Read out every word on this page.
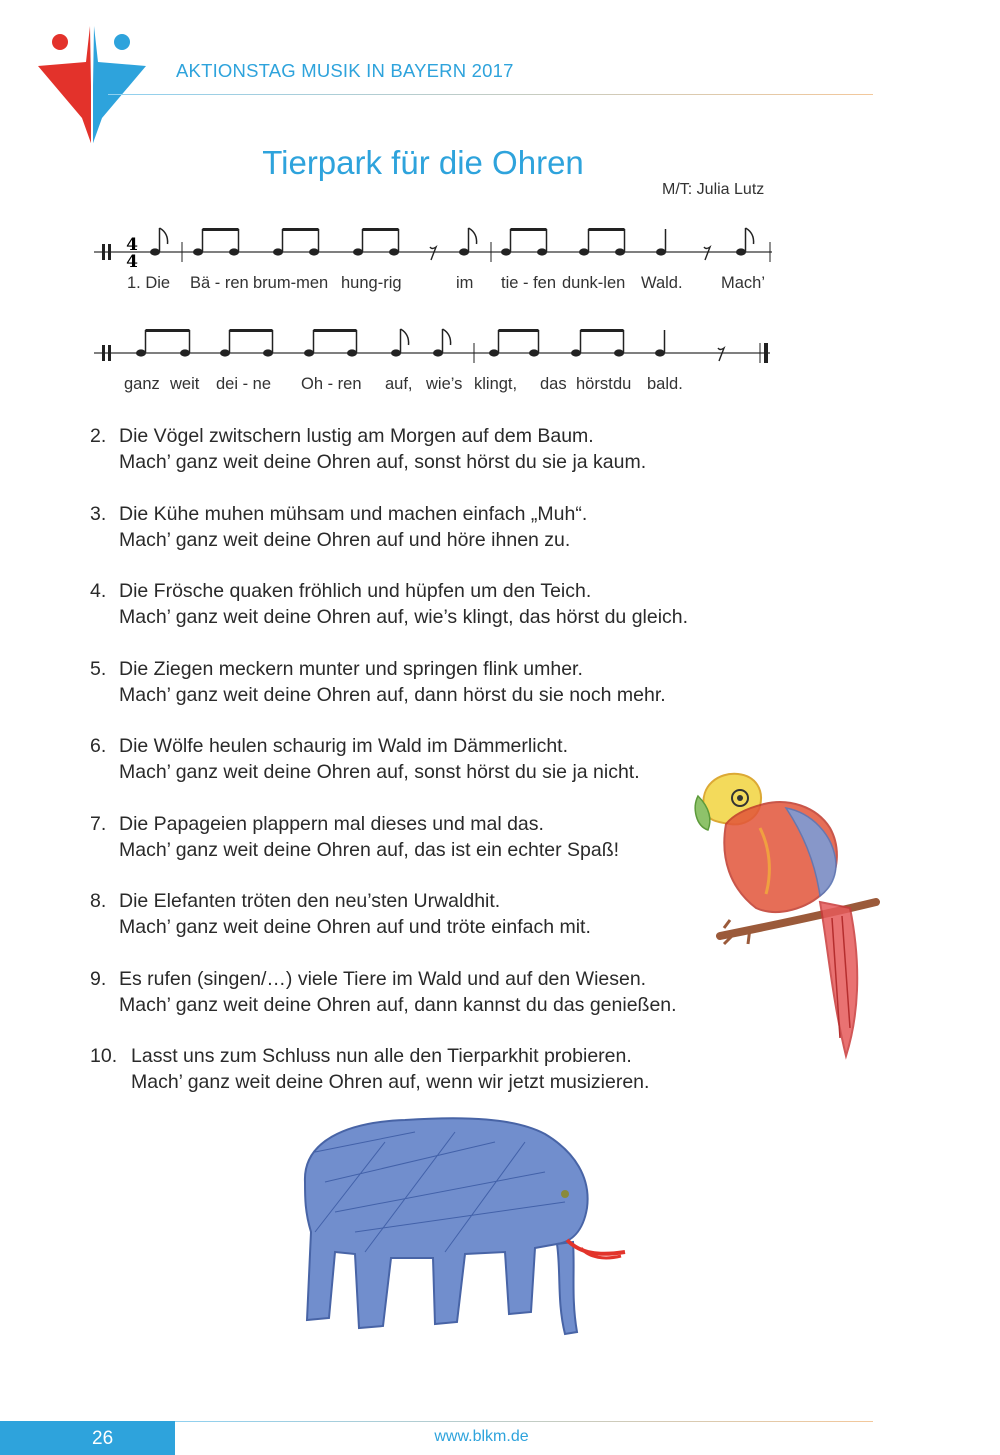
AKTIONSTAG MUSIK IN BAYERN 2017
Tierpark für die Ohren
M/T: Julia Lutz
4
4
1. Die Bä - ren brum-men hung-rig	im tie - fen dunk-len Wald. Mach’
ganz weit dei - ne Oh - ren auf, wie’s klingt, das hörst du bald.
2. Die Vögel zwitschern lustig am Morgen auf dem Baum.
Mach’ ganz weit deine Ohren auf, sonst hörst du sie ja kaum.
3. Die Kühe muhen mühsam und machen einfach „Muh“.
Mach’ ganz weit deine Ohren auf und höre ihnen zu.
4. Die Frösche quaken fröhlich und hüpfen um den Teich.
Mach’ ganz weit deine Ohren auf, wie’s klingt, das hörst du gleich.
5. Die Ziegen meckern munter und springen flink umher.
Mach’ ganz weit deine Ohren auf, dann hörst du sie noch mehr.
6. Die Wölfe heulen schaurig im Wald im Dämmerlicht.
Mach’ ganz weit deine Ohren auf, sonst hörst du sie ja nicht.
7. Die Papageien plappern mal dieses und mal das.
Mach’ ganz weit deine Ohren auf, das ist ein echter Spaß!
8. Die Elefanten tröten den neu’sten Urwaldhit.
Mach’ ganz weit deine Ohren auf und tröte einfach mit.
9. Es rufen (singen/…) viele Tiere im Wald und auf den Wiesen.
Mach’ ganz weit deine Ohren auf, dann kannst du das genießen.
10. Lasst uns zum Schluss nun alle den Tierparkhit probieren.
Mach’ ganz weit deine Ohren auf, wenn wir jetzt musizieren.
26	www.blkm.de
